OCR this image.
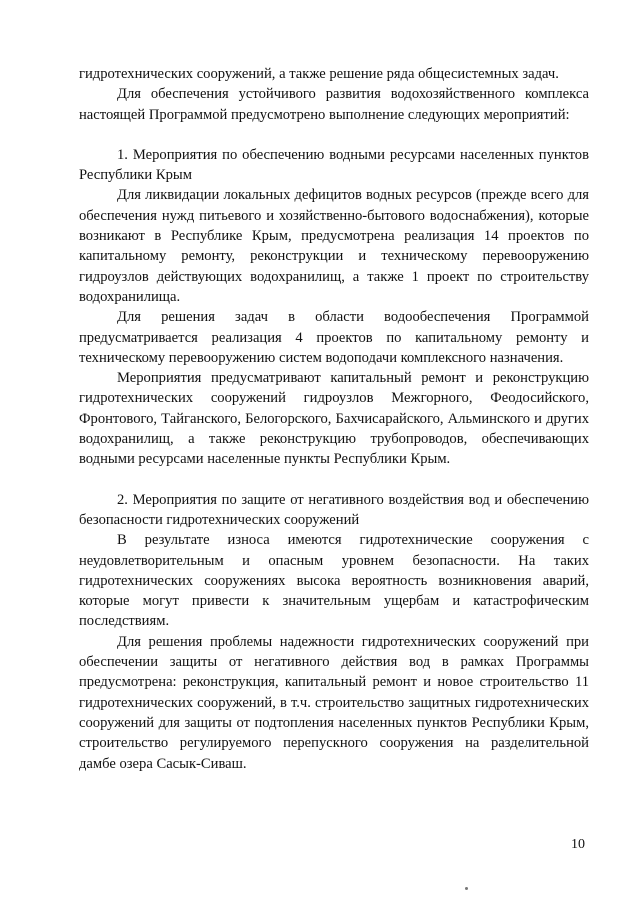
гидротехнических сооружений, а также решение ряда общесистемных задач.

Для обеспечения устойчивого развития водохозяйственного комплекса настоящей Программой предусмотрено выполнение следующих мероприятий:

1. Мероприятия по обеспечению водными ресурсами населенных пунктов Республики Крым

Для ликвидации локальных дефицитов водных ресурсов (прежде всего для обеспечения нужд питьевого и хозяйственно-бытового водоснабжения), которые возникают в Республике Крым, предусмотрена реализация 14 проектов по капитальному ремонту, реконструкции и техническому перевооружению гидроузлов действующих водохранилищ, а также 1 проект по строительству водохранилища.

Для решения задач в области водообеспечения Программой предусматривается реализация 4 проектов по капитальному ремонту и техническому перевооружению систем водоподачи комплексного назначения.

Мероприятия предусматривают капитальный ремонт и реконструкцию гидротехнических сооружений гидроузлов Межгорного, Феодосийского, Фронтового, Тайганского, Белогорского, Бахчисарайского, Альминского и других водохранилищ, а также реконструкцию трубопроводов, обеспечивающих водными ресурсами населенные пункты Республики Крым.

2. Мероприятия по защите от негативного воздействия вод и обеспечению безопасности гидротехнических сооружений

В результате износа имеются гидротехнические сооружения с неудовлетворительным и опасным уровнем безопасности. На таких гидротехнических сооружениях высока вероятность возникновения аварий, которые могут привести к значительным ущербам и катастрофическим последствиям.

Для решения проблемы надежности гидротехнических сооружений при обеспечении защиты от негативного действия вод в рамках Программы предусмотрена: реконструкция, капитальный ремонт и новое строительство 11 гидротехнических сооружений, в т.ч. строительство защитных гидротехнических сооружений для защиты от подтопления населенных пунктов Республики Крым, строительство регулируемого перепускного сооружения на разделительной дамбе озера Сасык-Сиваш.

10
